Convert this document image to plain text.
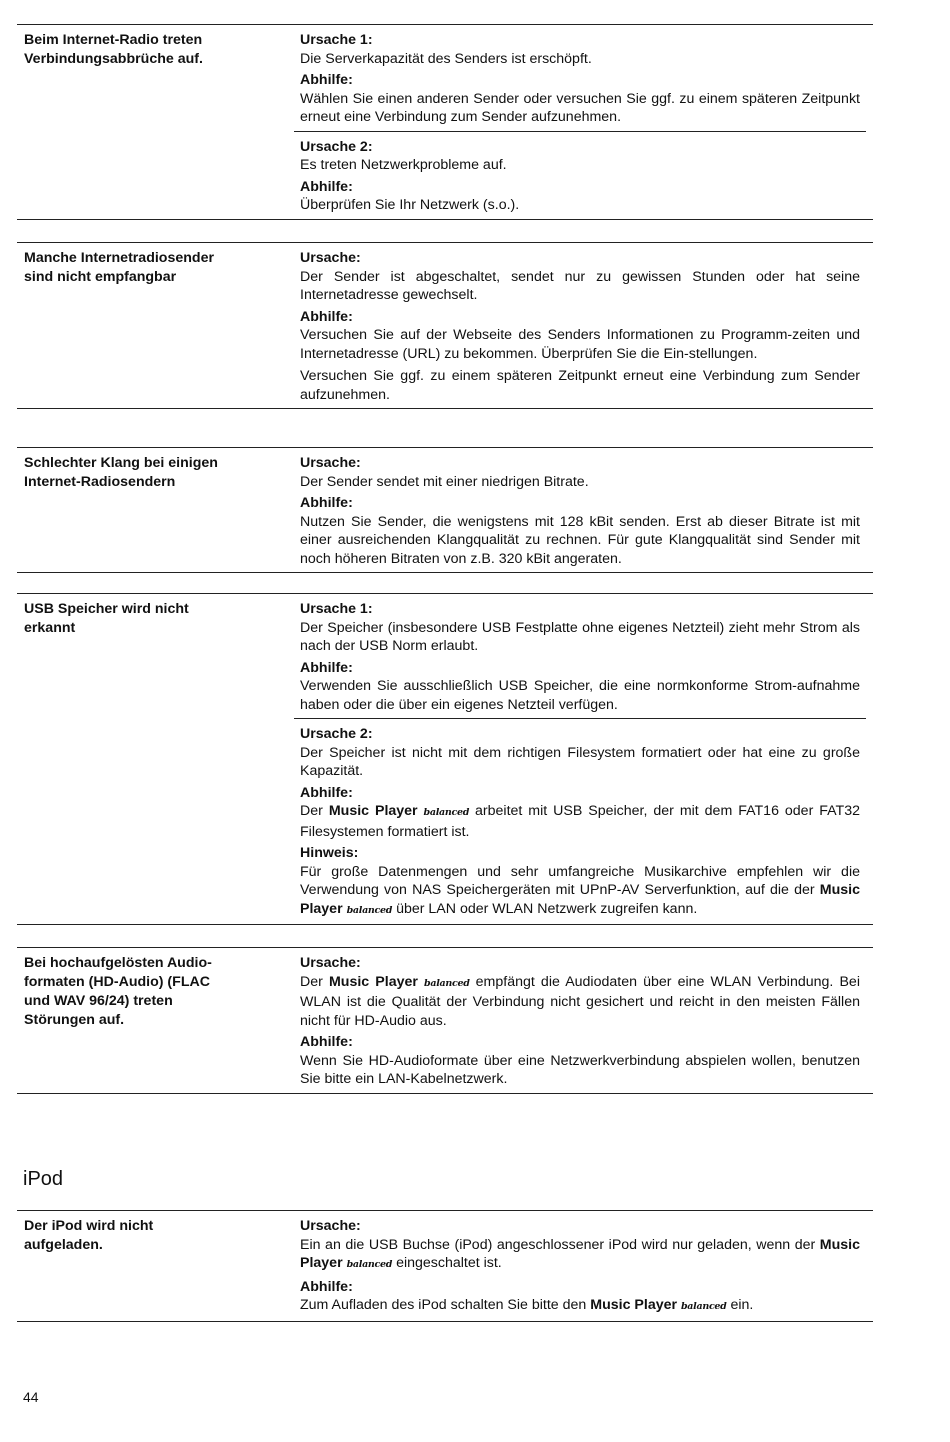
Beim Internet-Radio treten
Verbindungsabbrüche auf.
Ursache 1:
Die Serverkapazität des Senders ist erschöpft.
Abhilfe:
Wählen Sie einen anderen Sender oder versuchen Sie ggf. zu einem späteren Zeitpunkt erneut eine Verbindung zum Sender aufzunehmen.
Ursache 2:
Es treten Netzwerkprobleme auf.
Abhilfe:
Überprüfen Sie Ihr Netzwerk (s.o.).
Manche Internetradiosender
sind nicht empfangbar
Ursache:
Der Sender ist abgeschaltet, sendet nur zu gewissen Stunden oder hat seine Internetadresse gewechselt.
Abhilfe:
Versuchen Sie auf der Webseite des Senders Informationen zu Programm-zeiten und Internetadresse (URL) zu bekommen. Überprüfen Sie die Ein-stellungen.
Versuchen Sie ggf. zu einem späteren Zeitpunkt erneut eine Verbindung zum Sender aufzunehmen.
Schlechter Klang bei einigen
Internet-Radiosendern
Ursache:
Der Sender sendet mit einer niedrigen Bitrate.
Abhilfe:
Nutzen Sie Sender, die wenigstens mit 128 kBit senden. Erst ab dieser Bitrate ist mit einer ausreichenden Klangqualität zu rechnen. Für gute Klangqualität sind Sender mit noch höheren Bitraten von z.B. 320 kBit angeraten.
USB Speicher wird nicht
erkannt
Ursache 1:
Der Speicher (insbesondere USB Festplatte ohne eigenes Netzteil) zieht mehr Strom als nach der USB Norm erlaubt.
Abhilfe:
Verwenden Sie ausschließlich USB Speicher, die eine normkonforme Strom-aufnahme haben oder die über ein eigenes Netzteil verfügen.
Ursache 2:
Der Speicher ist nicht mit dem richtigen Filesystem formatiert oder hat eine zu große Kapazität.
Abhilfe:
Der Music Player balanced arbeitet mit USB Speicher, der mit dem FAT16 oder FAT32 Filesystemen formatiert ist.
Hinweis:
Für große Datenmengen und sehr umfangreiche Musikarchive empfehlen wir die Verwendung von NAS Speichergeräten mit UPnP-AV Serverfunktion, auf die der Music Player balanced über LAN oder WLAN Netzwerk zugreifen kann.
Bei hochaufgelösten Audio-
formaten (HD-Audio) (FLAC
und WAV 96/24) treten
Störungen auf.
Ursache:
Der Music Player balanced empfängt die Audiodaten über eine WLAN Verbindung. Bei WLAN ist die Qualität der Verbindung nicht gesichert und reicht in den meisten Fällen nicht für HD-Audio aus.
Abhilfe:
Wenn Sie HD-Audioformate über eine Netzwerkverbindung abspielen wollen, benutzen Sie bitte ein LAN-Kabelnetzwerk.
iPod
Der iPod wird nicht
aufgeladen.
Ursache:
Ein an die USB Buchse (iPod) angeschlossener iPod wird nur geladen, wenn der Music Player balanced eingeschaltet ist.
Abhilfe:
Zum Aufladen des iPod schalten Sie bitte den Music Player balanced ein.
44
